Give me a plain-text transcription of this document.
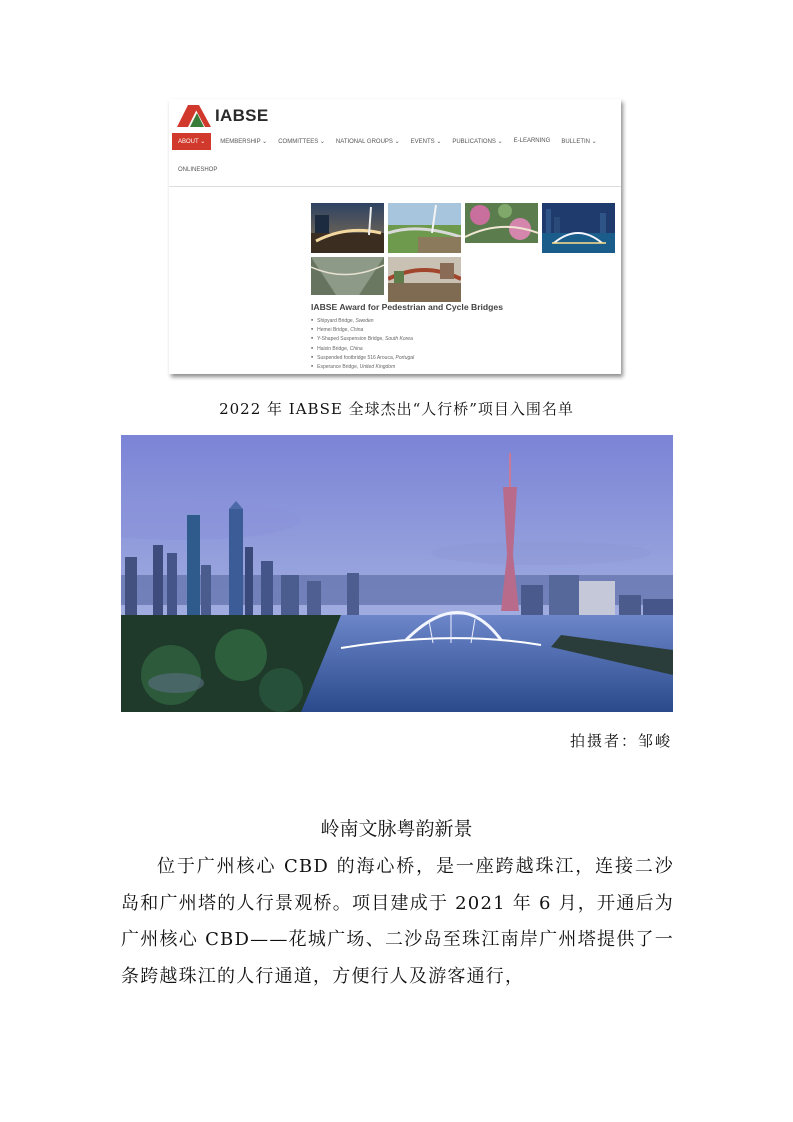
IABSE
ABOUT ⌄	MEMBERSHIP ⌄ COMMITTEES ⌄ NATIONAL GROUPS ⌄ EVENTS ⌄ PUBLICATIONS ⌄ E-LEARNING BULLETIN ⌄
ONLINESHOP
IABSE Award for Pedestrian and Cycle Bridges
■ Shipyard Bridge, Sweden
■ Hemei Bridge, China
■ Y-Shaped Suspension Bridge, South Korea
■ Haixin Bridge, China
■ Suspended footbridge 516 Arouca, Portugal
■ Esperance Bridge, United Kingdom
2022 年 IABSE 全球杰出“人行桥”项目入围名单
拍摄者：邹峻
岭南文脉粤韵新景

位于广州核心 CBD 的海心桥，是一座跨越珠江，连接二沙岛和广州塔的人行景观桥。项目建成于 2021 年 6 月，开通后为广州核心 CBD——花城广场、二沙岛至珠江南岸广州塔提供了一条跨越珠江的人行通道，方便行人及游客通行，
